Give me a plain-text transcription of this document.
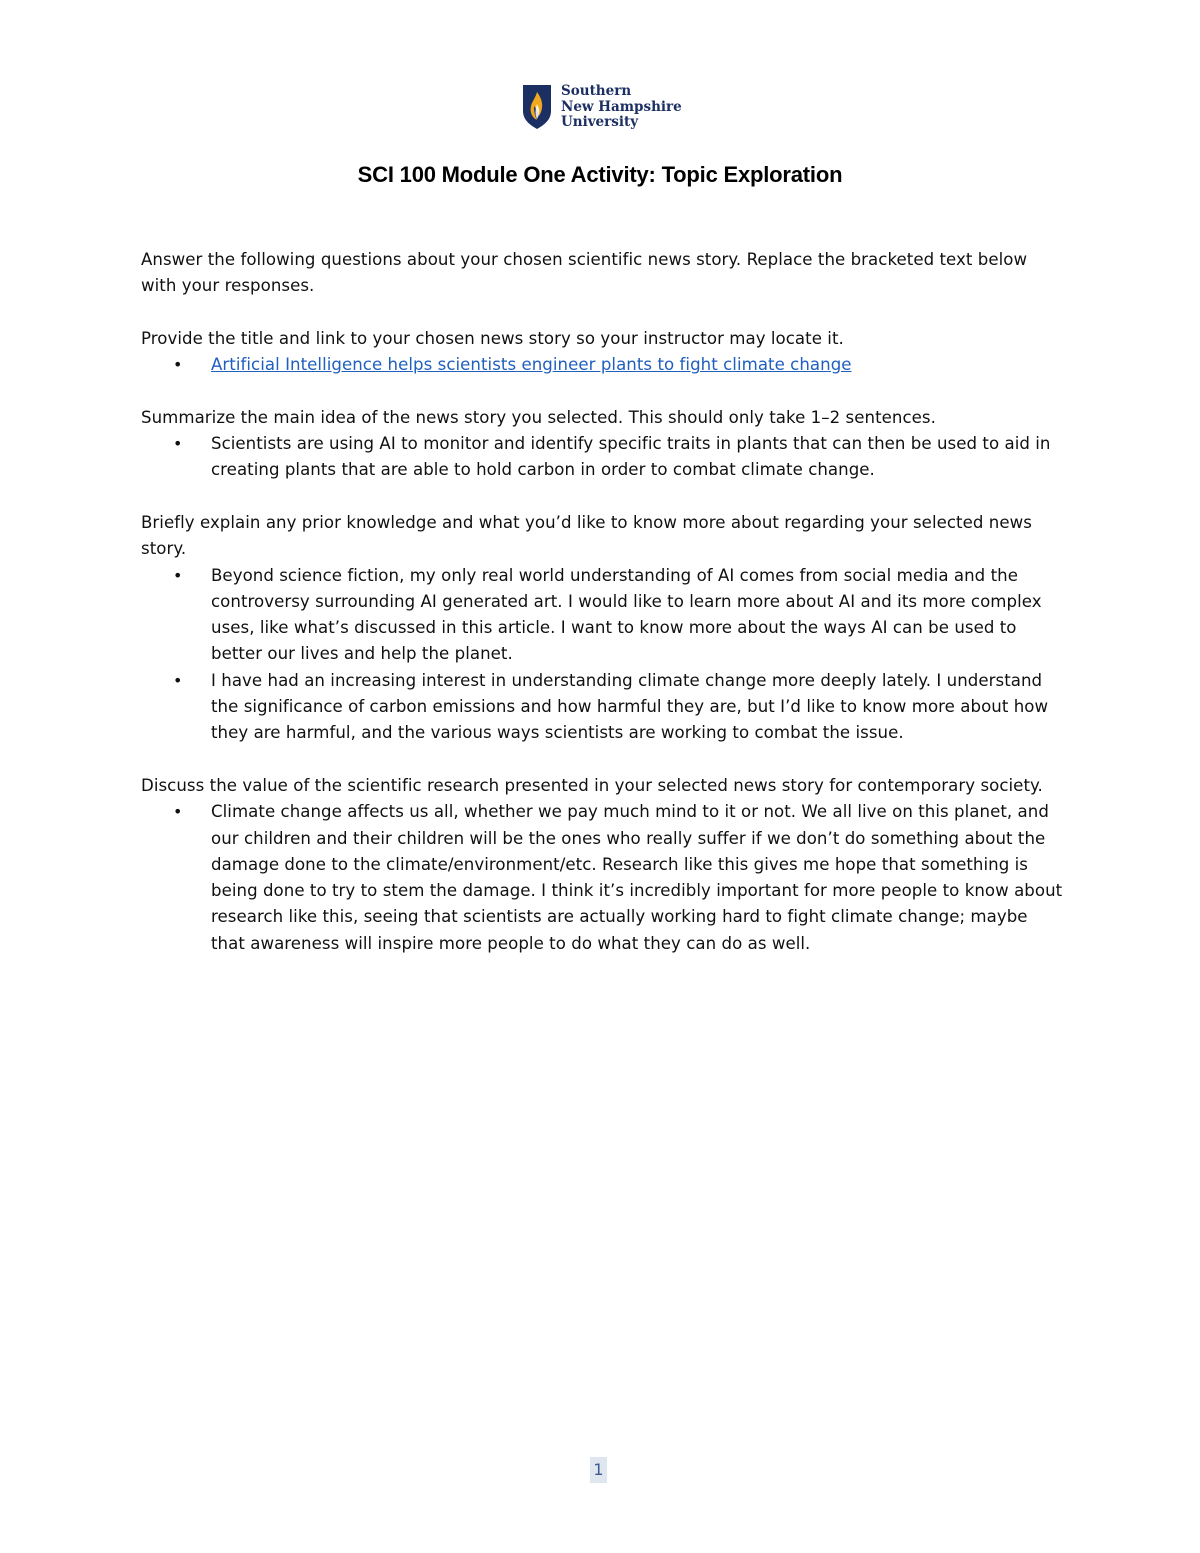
Southern
New Hampshire
University
SCI 100 Module One Activity: Topic Exploration

Answer the following questions about your chosen scientific news story. Replace the bracketed text below with your responses.

Provide the title and link to your chosen news story so your instructor may locate it.

• Artificial Intelligence helps scientists engineer plants to fight climate change

Summarize the main idea of the news story you selected. This should only take 1–2 sentences.

• Scientists are using AI to monitor and identify specific traits in plants that can then be used to aid in creating plants that are able to hold carbon in order to combat climate change.

Briefly explain any prior knowledge and what you’d like to know more about regarding your selected news story.

• Beyond science fiction, my only real world understanding of AI comes from social media and the controversy surrounding AI generated art. I would like to learn more about AI and its more complex uses, like what’s discussed in this article. I want to know more about the ways AI can be used to better our lives and help the planet.
• I have had an increasing interest in understanding climate change more deeply lately. I understand the significance of carbon emissions and how harmful they are, but I’d like to know more about how they are harmful, and the various ways scientists are working to combat the issue.

Discuss the value of the scientific research presented in your selected news story for contemporary society.

• Climate change affects us all, whether we pay much mind to it or not. We all live on this planet, and our children and their children will be the ones who really suffer if we don’t do something about the damage done to the climate/environment/etc. Research like this gives me hope that something is being done to try to stem the damage. I think it’s incredibly important for more people to know about research like this, seeing that scientists are actually working hard to fight climate change; maybe that awareness will inspire more people to do what they can do as well.
1
